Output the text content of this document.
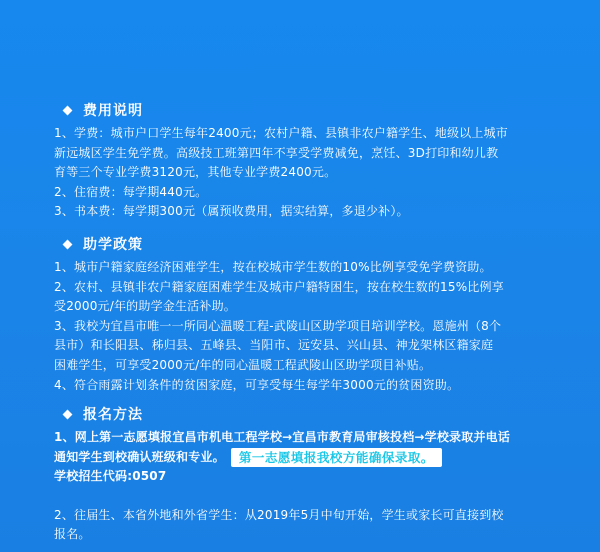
费用说明
1、学费：城市户口学生每年2400元；农村户籍、县镇非农户籍学生、地级以上城市
新远城区学生免学费。高级技工班第四年不享受学费减免，烹饪、3D打印和幼儿教
育等三个专业学费3120元，其他专业学费2400元。
2、住宿费：每学期440元。
3、书本费：每学期300元（属预收费用，据实结算，多退少补）。
助学政策
1、城市户籍家庭经济困难学生，按在校城市学生数的10%比例享受免学费资助。
2、农村、县镇非农户籍家庭困难学生及城市户籍特困生，按在校生数的15%比例享
受2000元/年的助学金生活补助。
3、我校为宜昌市唯一一所同心温暖工程-武陵山区助学项目培训学校。恩施州（8个
县市）和长阳县、秭归县、五峰县、当阳市、远安县、兴山县、神龙架林区籍家庭
困难学生，可享受2000元/年的同心温暖工程武陵山区助学项目补贴。
4、符合雨露计划条件的贫困家庭，可享受每生每学年3000元的贫困资助。
报名方法
1、网上第一志愿填报宜昌市机电工程学校→宜昌市教育局审核投档→学校录取并电话
通知学生到校确认班级和专业。	第一志愿填报我校方能确保录取。
学校招生代码:0507
2、往届生、本省外地和外省学生：从2019年5月中旬开始，学生或家长可直接到校
报名。
